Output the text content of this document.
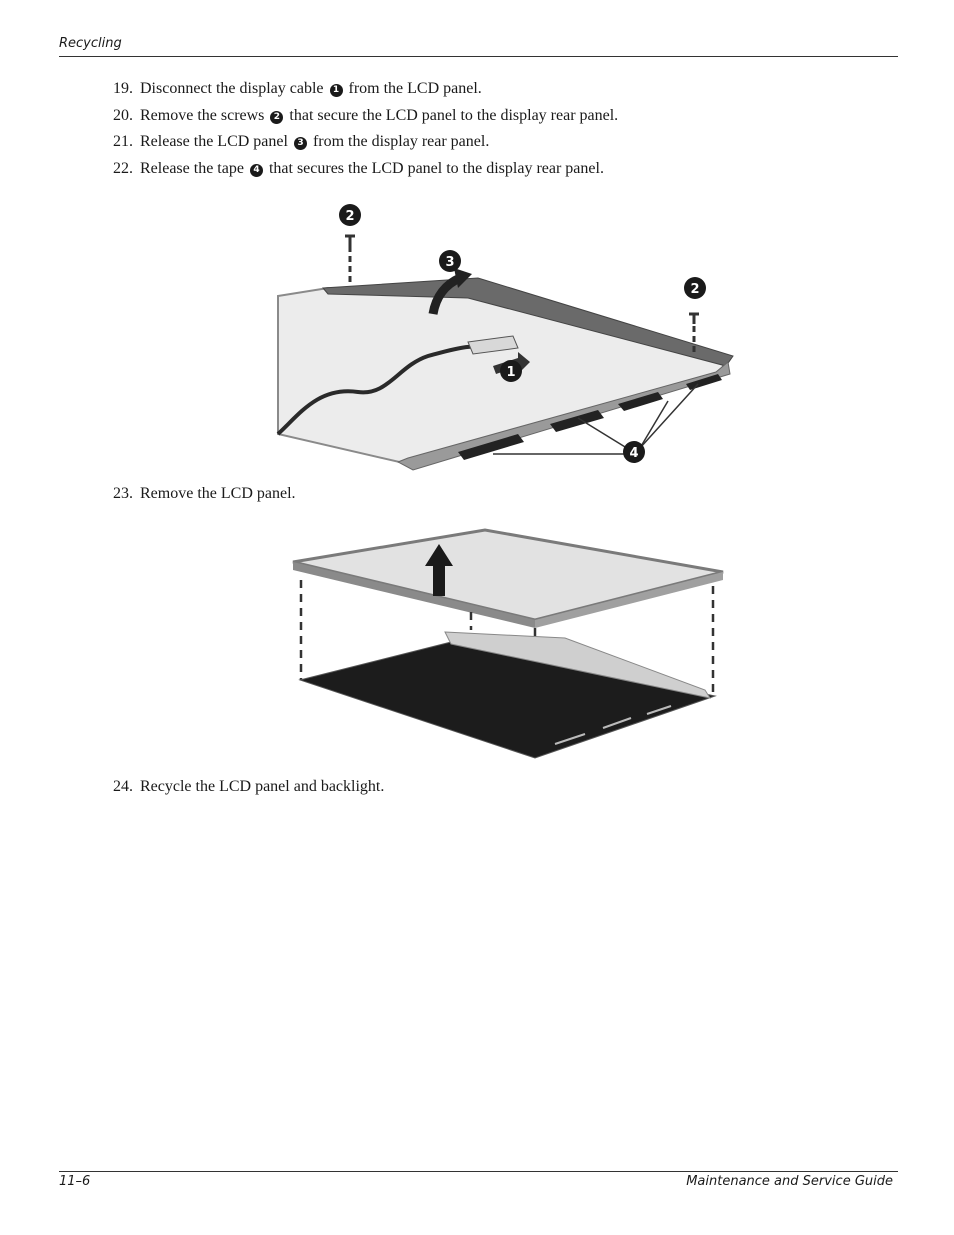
Recycling
19. Disconnect the display cable 1 from the LCD panel.
20. Remove the screws 2 that secure the LCD panel to the display rear panel.
21. Release the LCD panel 3 from the display rear panel.
22. Release the tape 4 that secures the LCD panel to the display rear panel.
2
3
2
1
4
23. Remove the LCD panel.
24. Recycle the LCD panel and backlight.
11–6	Maintenance and Service Guide
